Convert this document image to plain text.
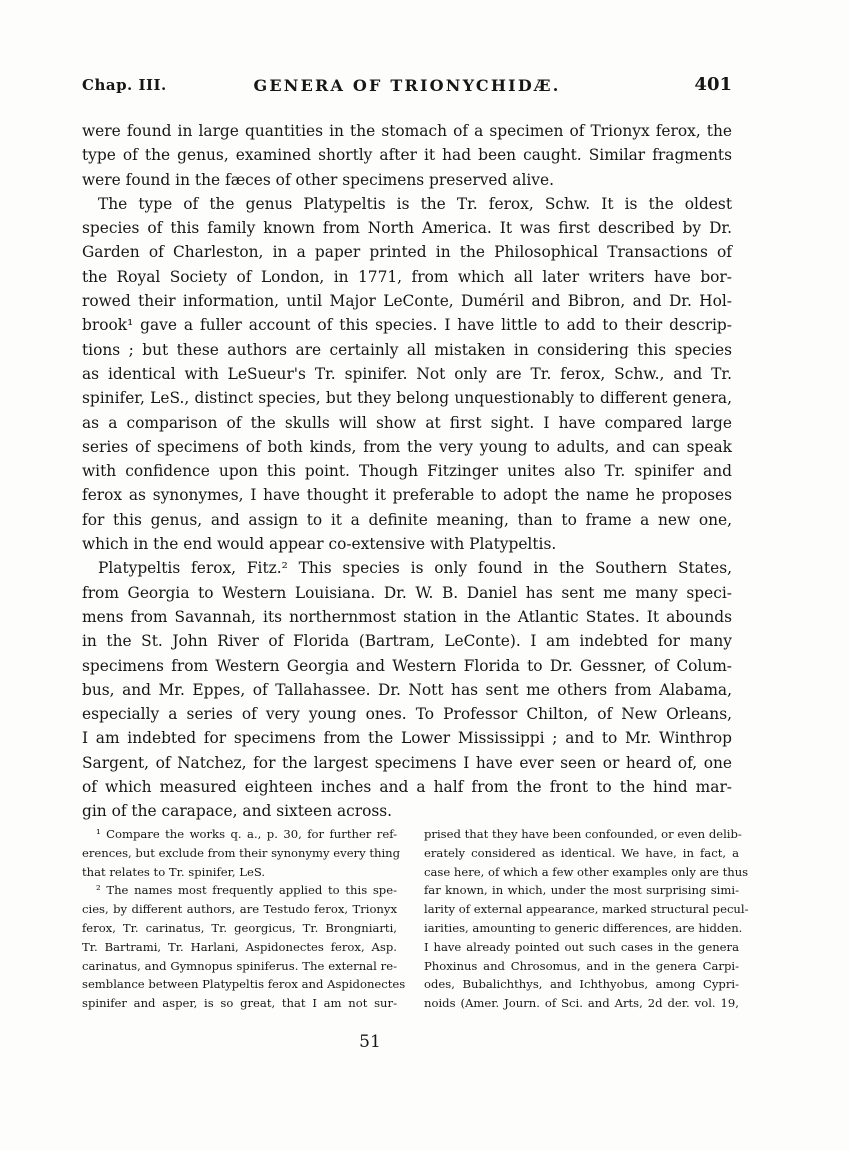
Chap. III.	GENERA OF TRIONYCHIDÆ.	401
were found in large quantities in the stomach of a specimen of Trionyx ferox, the
type of the genus, examined shortly after it had been caught. Similar fragments
were found in the fæces of other specimens preserved alive.
The type of the genus Platypeltis is the Tr. ferox, Schw. It is the oldest
species of this family known from North America. It was first described by Dr.
Garden of Charleston, in a paper printed in the Philosophical Transactions of
the Royal Society of London, in 1771, from which all later writers have bor-
rowed their information, until Major LeConte, Duméril and Bibron, and Dr. Hol-
brook¹ gave a fuller account of this species. I have little to add to their descrip-
tions ; but these authors are certainly all mistaken in considering this species
as identical with LeSueur's Tr. spinifer. Not only are Tr. ferox, Schw., and Tr.
spinifer, LeS., distinct species, but they belong unquestionably to different genera,
as a comparison of the skulls will show at first sight. I have compared large
series of specimens of both kinds, from the very young to adults, and can speak
with confidence upon this point. Though Fitzinger unites also Tr. spinifer and
ferox as synonymes, I have thought it preferable to adopt the name he proposes
for this genus, and assign to it a definite meaning, than to frame a new one,
which in the end would appear co-extensive with Platypeltis.
Platypeltis ferox, Fitz.² This species is only found in the Southern States,
from Georgia to Western Louisiana. Dr. W. B. Daniel has sent me many speci-
mens from Savannah, its northernmost station in the Atlantic States. It abounds
in the St. John River of Florida (Bartram, LeConte). I am indebted for many
specimens from Western Georgia and Western Florida to Dr. Gessner, of Colum-
bus, and Mr. Eppes, of Tallahassee. Dr. Nott has sent me others from Alabama,
especially a series of very young ones. To Professor Chilton, of New Orleans,
I am indebted for specimens from the Lower Mississippi ; and to Mr. Winthrop
Sargent, of Natchez, for the largest specimens I have ever seen or heard of, one
of which measured eighteen inches and a half from the front to the hind mar-
gin of the carapace, and sixteen across.
¹ Compare the works q. a., p. 30, for further ref-
erences, but exclude from their synonymy every thing
that relates to Tr. spinifer, LeS.
² The names most frequently applied to this spe-
cies, by different authors, are Testudo ferox, Trionyx
ferox, Tr. carinatus, Tr. georgicus, Tr. Brongniarti,
Tr. Bartrami, Tr. Harlani, Aspidonectes ferox, Asp.
carinatus, and Gymnopus spiniferus. The external re-
semblance between Platypeltis ferox and Aspidonectes
spinifer and asper, is so great, that I am not sur-
prised that they have been confounded, or even delib-
erately considered as identical. We have, in fact, a
case here, of which a few other examples only are thus
far known, in which, under the most surprising simi-
larity of external appearance, marked structural pecul-
iarities, amounting to generic differences, are hidden.
I have already pointed out such cases in the genera
Phoxinus and Chrosomus, and in the genera Carpi-
odes, Bubalichthys, and Ichthyobus, among Cypri-
noids (Amer. Journ. of Sci. and Arts, 2d der. vol. 19,
51
